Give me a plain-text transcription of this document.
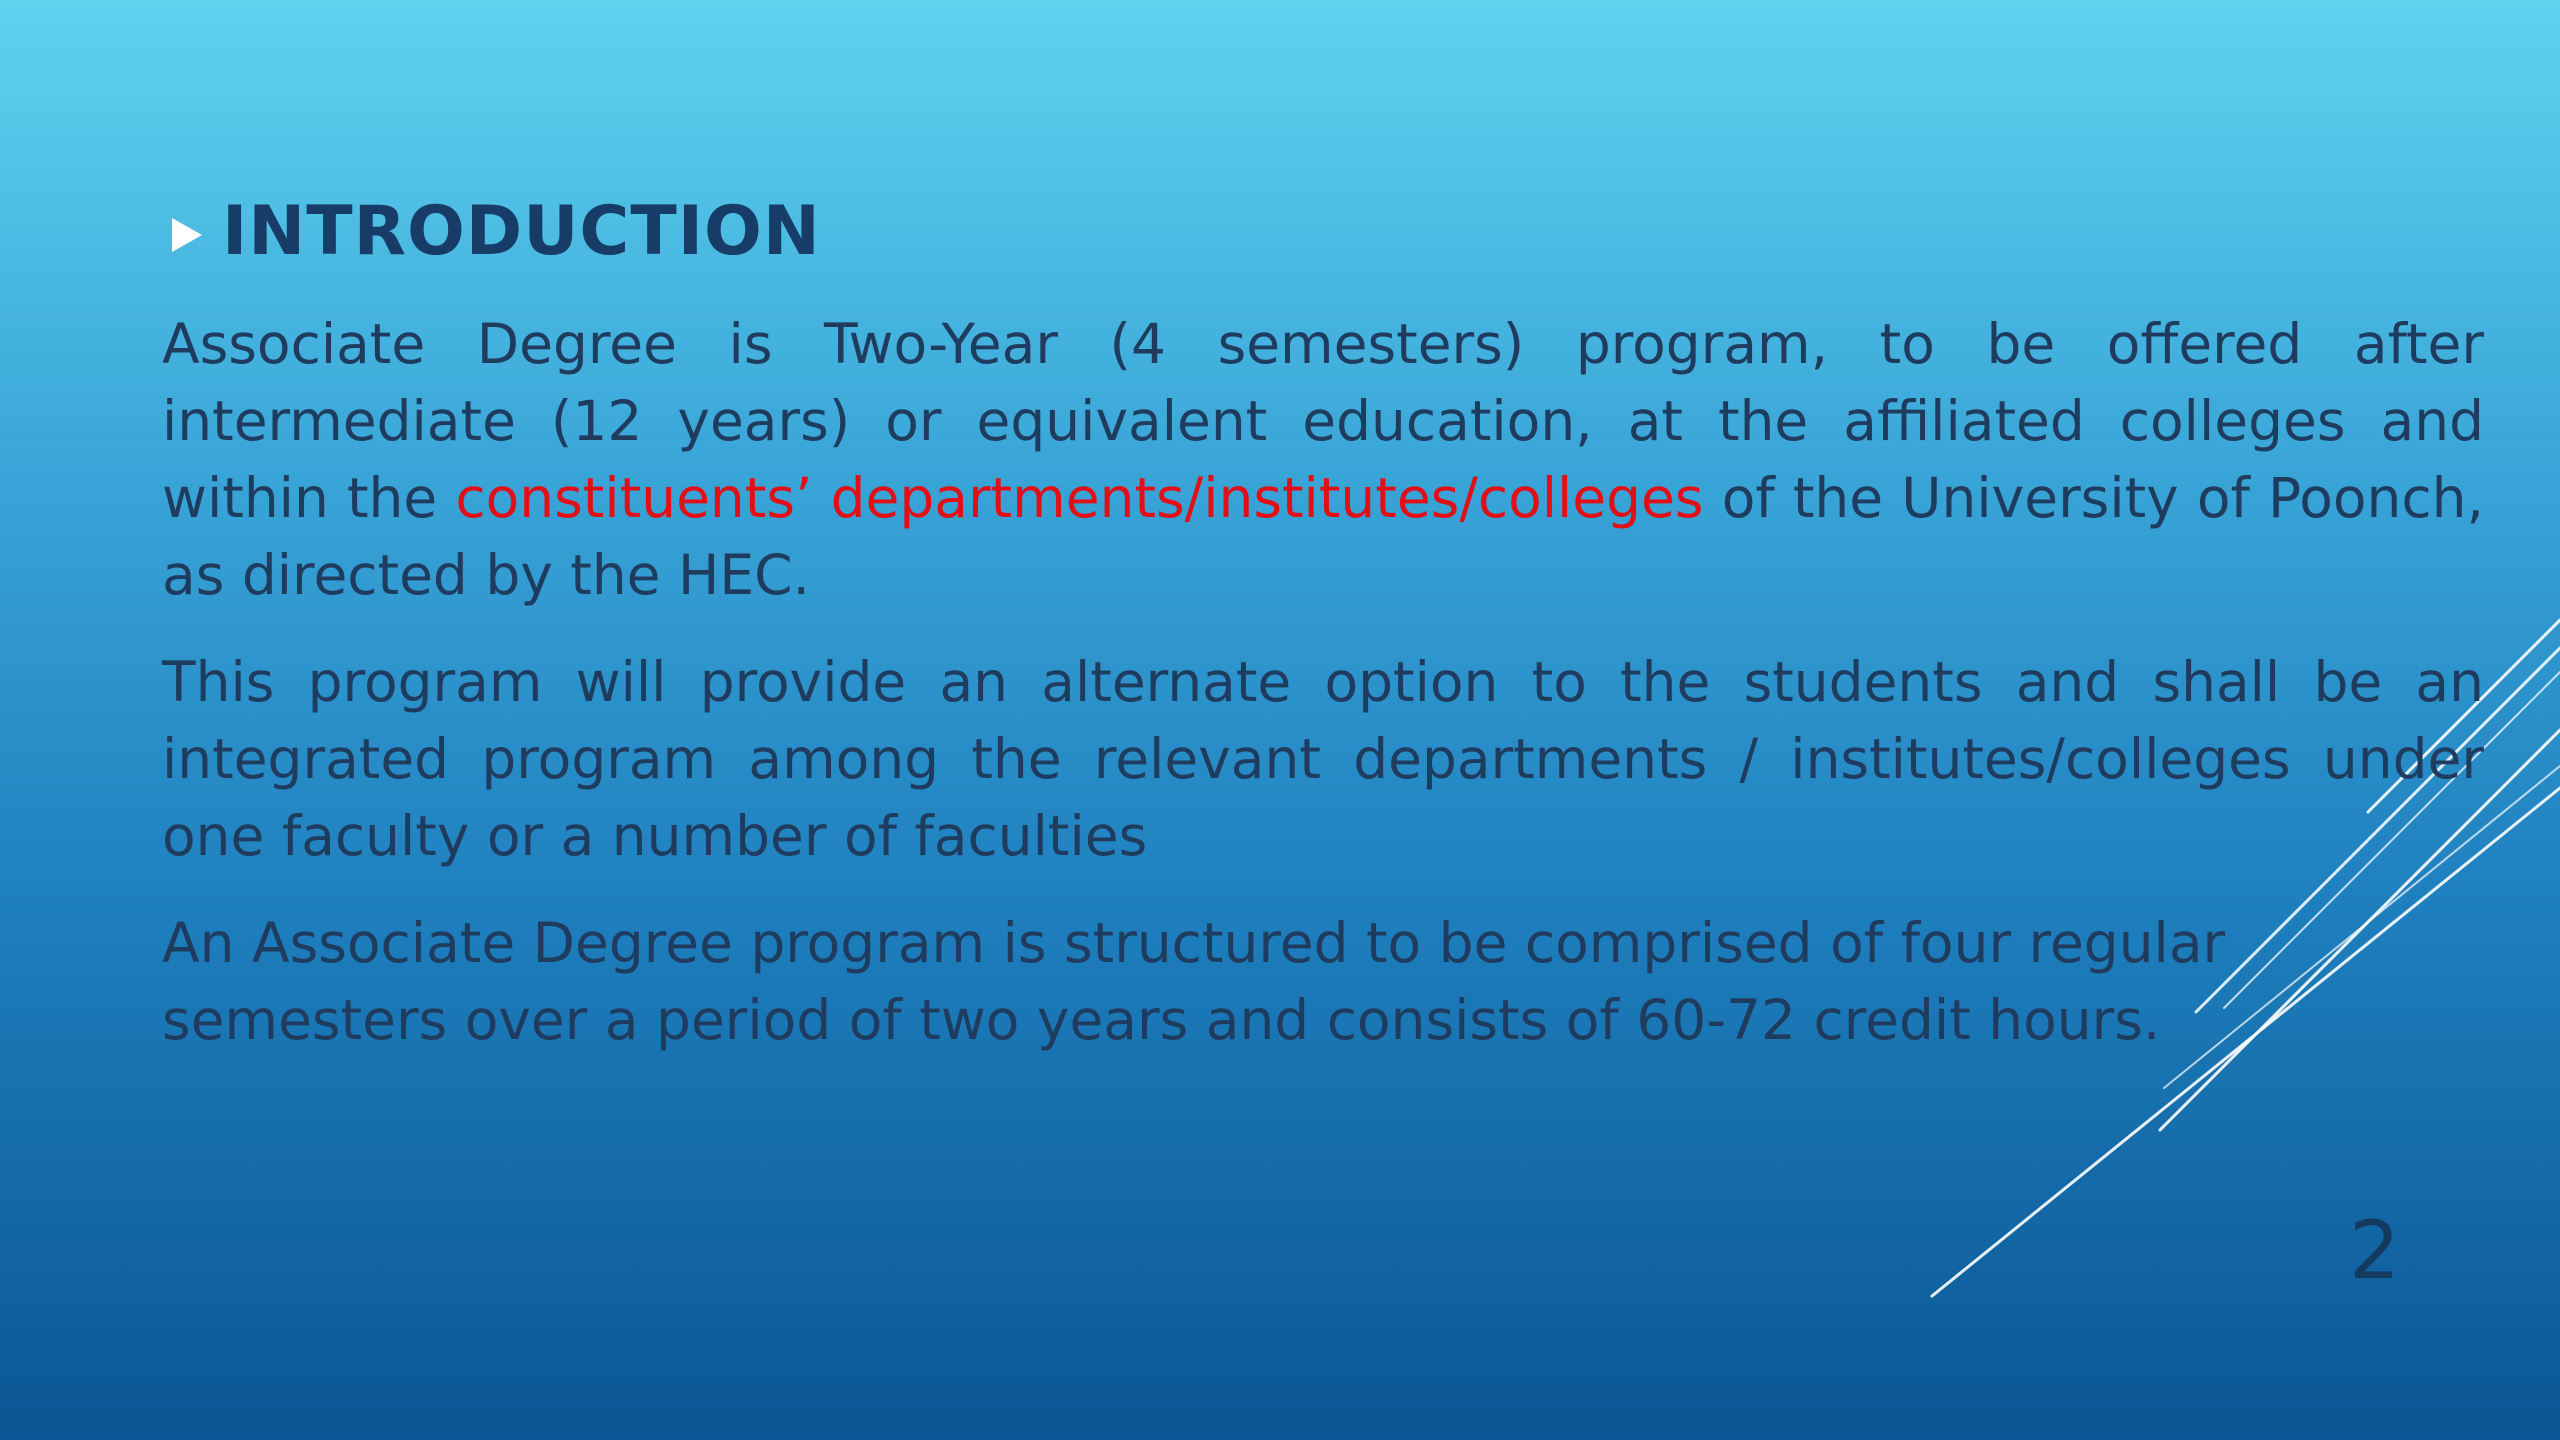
INTRODUCTION

Associate Degree is Two-Year (4 semesters) program, to be offered after intermediate (12 years) or equivalent education, at the affiliated colleges and within the constituents’ departments/institutes/colleges of the University of Poonch, as directed by the HEC.

This program will provide an alternate option to the students and shall be an integrated program among the relevant departments / institutes/colleges under one faculty or a number of faculties

An Associate Degree program is structured to be comprised of four regular semesters over a period of two years and consists of 60-72 credit hours.

2
